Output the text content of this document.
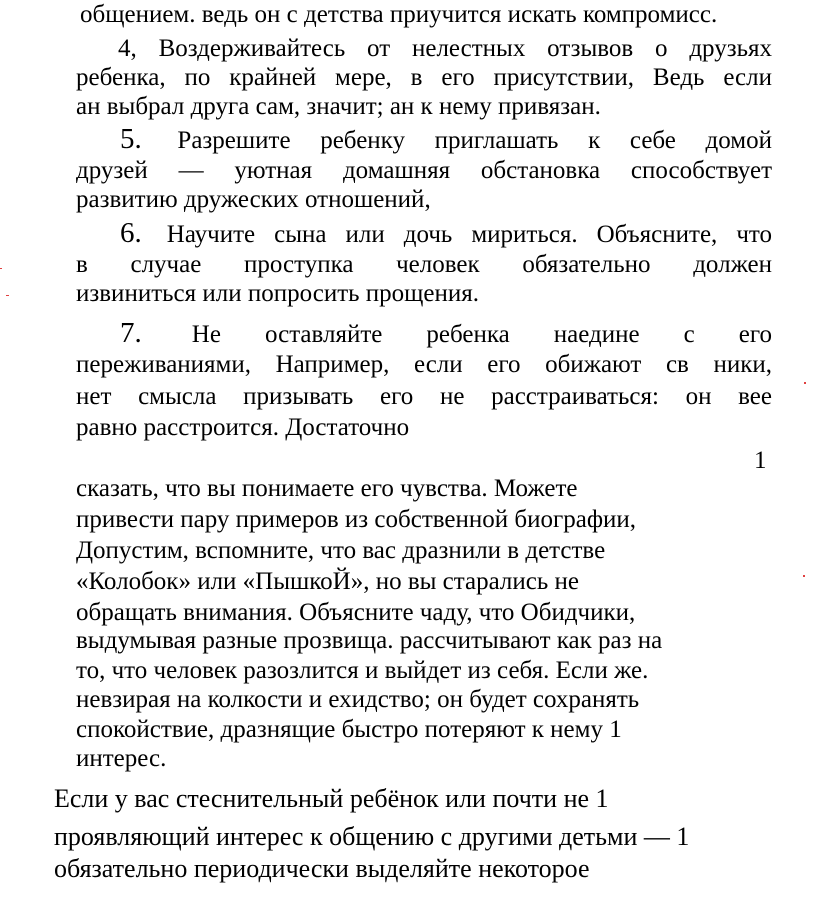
общением. ведь он с детства приучится искать компромисс.
4, Воздерживайтесь от нелестных отзывов о друзьях
ребенка, по крайней мере, в его присутствии, Ведь если
ан выбрал друга сам, значит; ан к нему привязан.
5. Разрешите ребенку приглашать к себе домой
друзей — уютная домашняя обстановка способствует
развитию дружеских отношений,
6. Научите сына или дочь мириться. Объясните, что
в случае проступка человек обязательно должен
извиниться или попросить прощения.
7. Не оставляйте ребенка наедине с его
переживаниями, Например, если его обижают св ники,
нет смысла призывать его не расстраиваться: он вее
равно расстроится. Достаточно
1
сказать, что вы понимаете его чувства. Можете
привести пару примеров из собственной биографии,
Допустим, вспомните, что вас дразнили в детстве
«Колобок» или «ПышкоЙ», но вы старались не
обращать внимания. Объясните чаду, что Обидчики,
выдумывая разные прозвища. рассчитывают как раз на
то, что человек разозлится и выйдет из себя. Если же.
невзирая на колкости и ехидство; он будет сохранять
спокойствие, дразнящие быстро потеряют к нему 1
интерес.
Если у вас стеснительный ребёнок или почти не 1
проявляющий интерес к общению с другими детьми — 1
обязательно периодически выделяйте некоторое
